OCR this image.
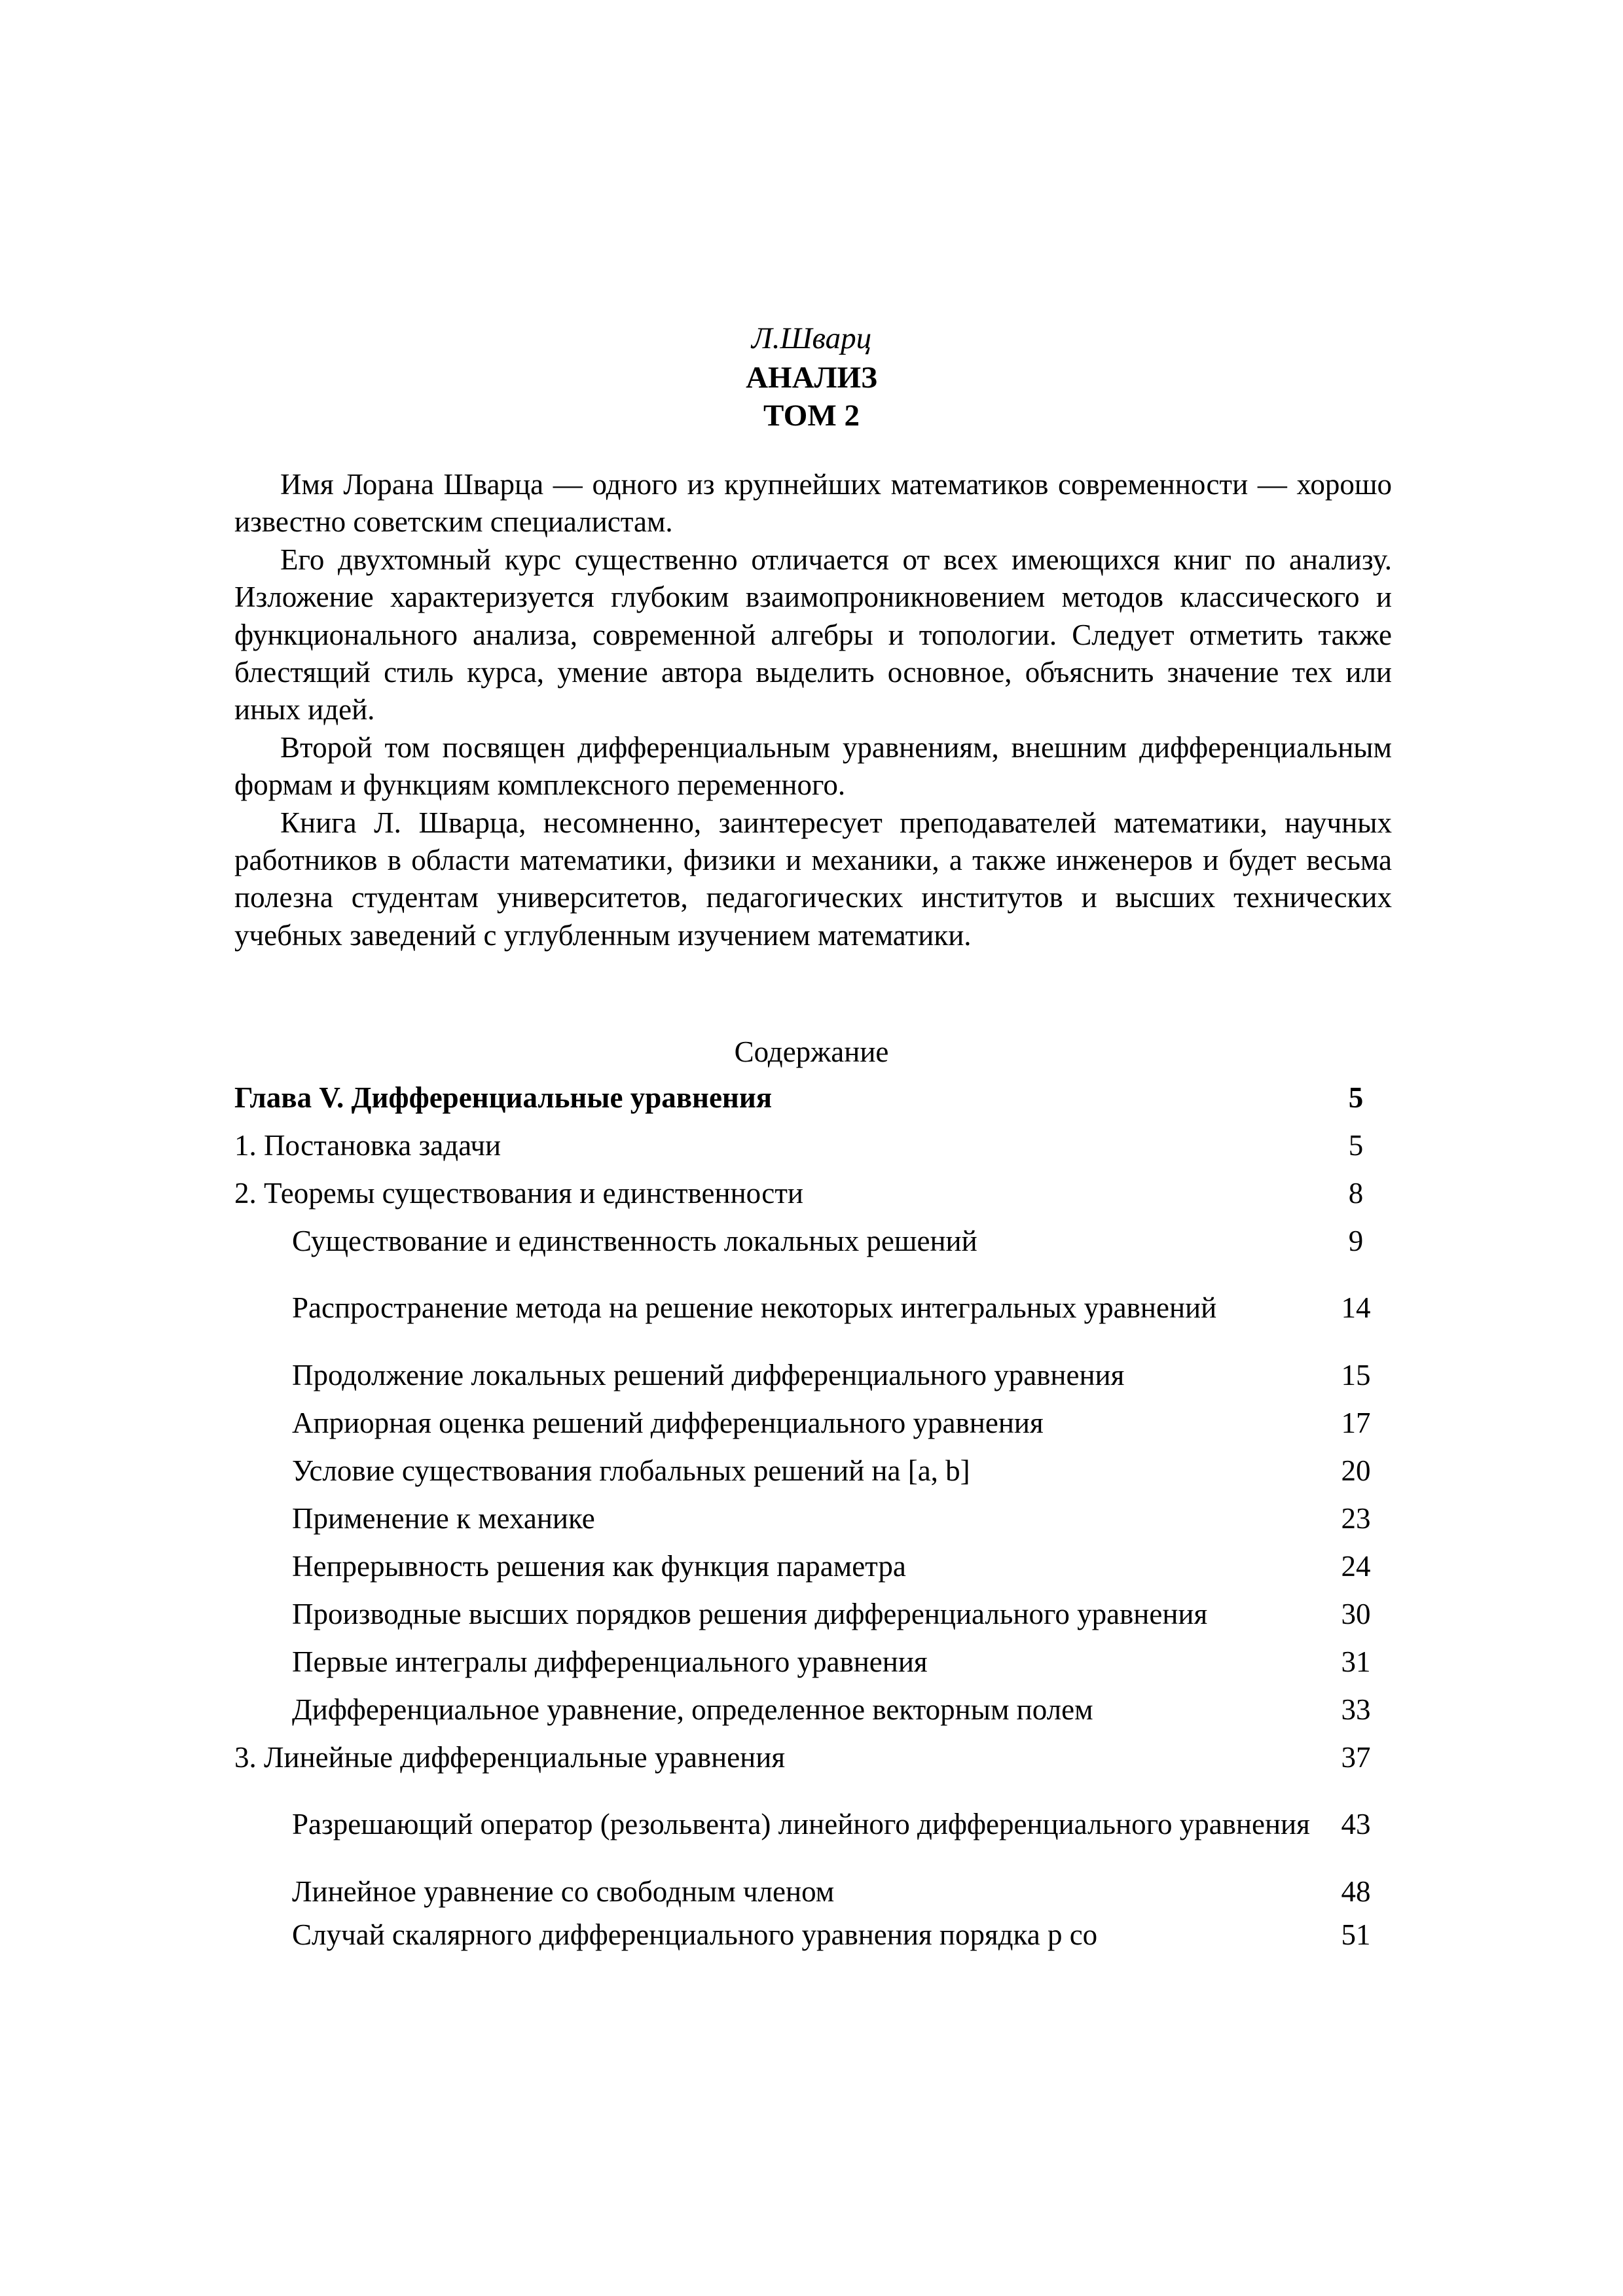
Л.Шварц
АНАЛИЗ
ТОМ 2

Имя Лорана Шварца — одного из крупнейших математиков современности — хорошо известно советским специалистам.

Его двухтомный курс существенно отличается от всех имеющихся книг по анализу. Изложение характеризуется глубоким взаимопроникновением методов классического и функционального анализа, современной алгебры и топологии. Следует отметить также блестящий стиль курса, умение автора выделить основное, объяснить значение тех или иных идей.

Второй том посвящен дифференциальным уравнениям, внешним дифференциальным формам и функциям комплексного переменного.

Книга Л. Шварца, несомненно, заинтересует преподавателей математики, научных работников в области математики, физики и механики, а также инженеров и будет весьма полезна студентам университетов, педагогических институтов и высших технических учебных заведений с углубленным изучением математики.

Содержание
Глава V. Дифференциальные уравнения	5
1. Постановка задачи	5
2. Теоремы существования и единственности	8
Существование и единственность локальных решений	9
Распространение метода на решение некоторых интегральных уравнений	14
Продолжение локальных решений дифференциального уравнения	15
Априорная оценка решений дифференциального уравнения	17
Условие существования глобальных решений на [a, b]	20
Применение к механике	23
Непрерывность решения как функция параметра	24
Производные высших порядков решения дифференциального уравнения	30
Первые интегралы дифференциального уравнения	31
Дифференциальное уравнение, определенное векторным полем	33
3. Линейные дифференциальные уравнения	37
Разрешающий оператор (резольвента) линейного дифференциального уравнения	43
Линейное уравнение со свободным членом	48
Случай скалярного дифференциального уравнения порядка p со	51
